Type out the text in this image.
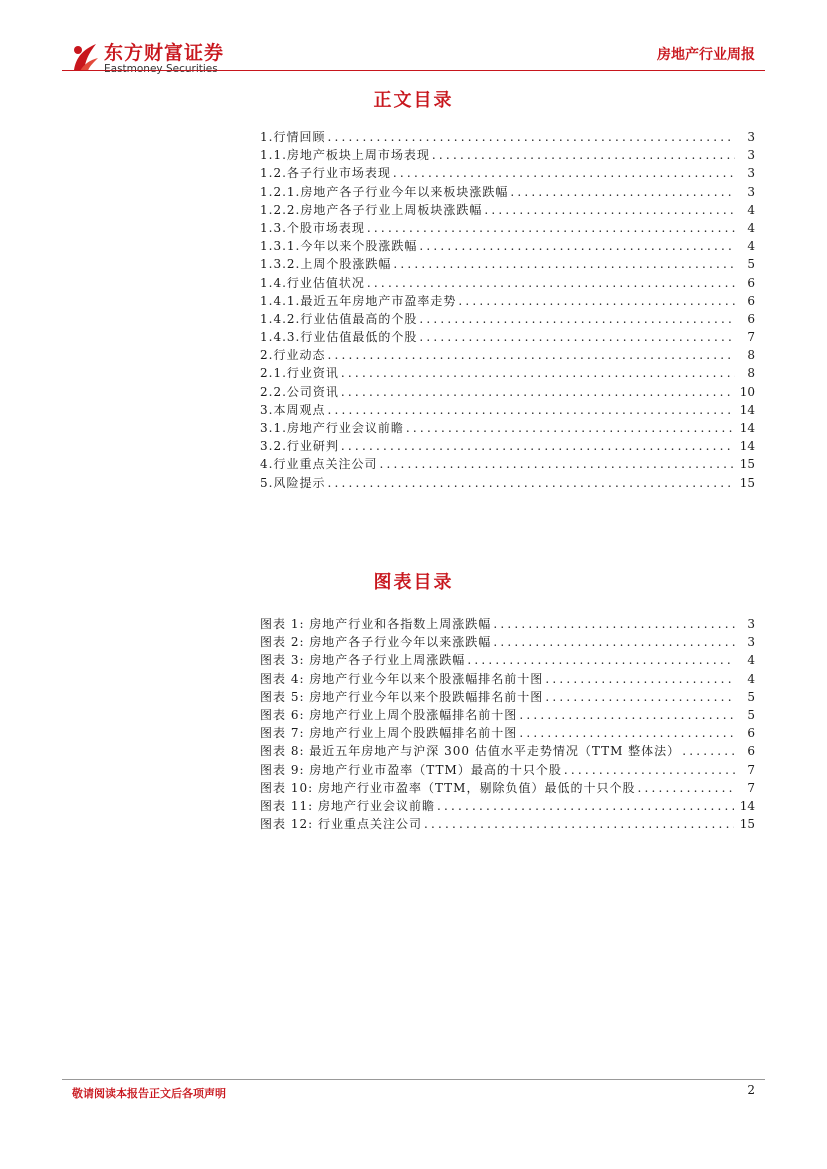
东方财富证券
Eastmoney Securities
房地产行业周报
正文目录
1.行情回顾 .....	3
1.1.房地产板块上周市场表现 .....	3
1.2.各子行业市场表现 .....	3
1.2.1.房地产各子行业今年以来板块涨跌幅 .....	3
1.2.2.房地产各子行业上周板块涨跌幅 .....	4
1.3.个股市场表现 .....	4
1.3.1.今年以来个股涨跌幅 .....	4
1.3.2.上周个股涨跌幅 .....	5
1.4.行业估值状况 .....	6
1.4.1.最近五年房地产市盈率走势 .....	6
1.4.2.行业估值最高的个股 .....	6
1.4.3.行业估值最低的个股 .....	7
2.行业动态 .....	8
2.1.行业资讯 .....	8
2.2.公司资讯 .....	10
3.本周观点 .....	14
3.1.房地产行业会议前瞻 .....	14
3.2.行业研判 .....	14
4.行业重点关注公司 .....	15
5.风险提示 .....	15
图表目录
图表 1: 房地产行业和各指数上周涨跌幅 .....	3
图表 2: 房地产各子行业今年以来涨跌幅 .....	3
图表 3: 房地产各子行业上周涨跌幅 .....	4
图表 4: 房地产行业今年以来个股涨幅排名前十图 .....	4
图表 5: 房地产行业今年以来个股跌幅排名前十图 .....	5
图表 6: 房地产行业上周个股涨幅排名前十图 .....	5
图表 7: 房地产行业上周个股跌幅排名前十图 .....	6
图表 8: 最近五年房地产与沪深 300 估值水平走势情况（TTM 整体法） .....	6
图表 9: 房地产行业市盈率（TTM）最高的十只个股 .....	7
图表 10: 房地产行业市盈率（TTM，剔除负值）最低的十只个股 .....	7
图表 11: 房地产行业会议前瞻 .....	14
图表 12: 行业重点关注公司 .....	15
敬请阅读本报告正文后各项声明	2
